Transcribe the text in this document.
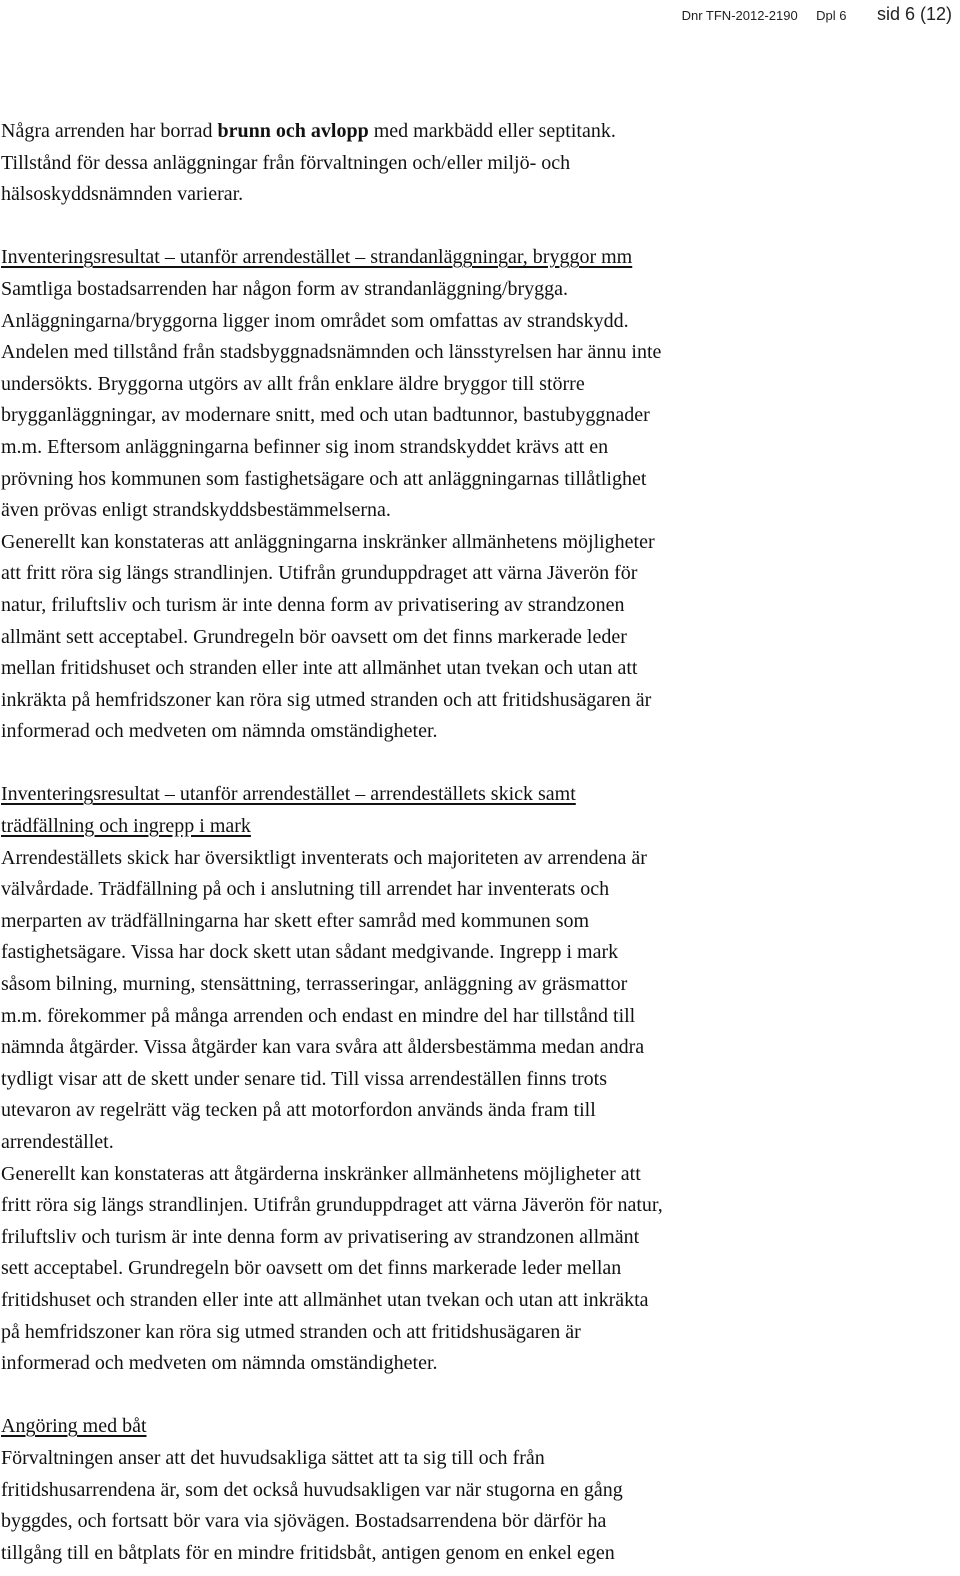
Dnr TFN-2012-2190 Dpl 6 sid 6 (12)

Några arrenden har borrad brunn och avlopp med markbädd eller septitank.

Tillstånd för dessa anläggningar från förvaltningen och/eller miljö- och

hälsoskyddsnämnden varierar.

Inventeringsresultat – utanför arrendestället – strandanläggningar, bryggor mm

Samtliga bostadsarrenden har någon form av strandanläggning/brygga.

Anläggningarna/bryggorna ligger inom området som omfattas av strandskydd.

Andelen med tillstånd från stadsbyggnadsnämnden och länsstyrelsen har ännu inte

undersökts. Bryggorna utgörs av allt från enklare äldre bryggor till större

brygganläggningar, av modernare snitt, med och utan badtunnor, bastubyggnader

m.m. Eftersom anläggningarna befinner sig inom strandskyddet krävs att en

prövning hos kommunen som fastighetsägare och att anläggningarnas tillåtlighet

även prövas enligt strandskyddsbestämmelserna.

Generellt kan konstateras att anläggningarna inskränker allmänhetens möjligheter

att fritt röra sig längs strandlinjen. Utifrån grunduppdraget att värna Jäverön för

natur, friluftsliv och turism är inte denna form av privatisering av strandzonen

allmänt sett acceptabel. Grundregeln bör oavsett om det finns markerade leder

mellan fritidshuset och stranden eller inte att allmänhet utan tvekan och utan att

inkräkta på hemfridszoner kan röra sig utmed stranden och att fritidshusägaren är

informerad och medveten om nämnda omständigheter.

Inventeringsresultat – utanför arrendestället – arrendeställets skick samt

trädfällning och ingrepp i mark

Arrendeställets skick har översiktligt inventerats och majoriteten av arrendena är

välvårdade. Trädfällning på och i anslutning till arrendet har inventerats och

merparten av trädfällningarna har skett efter samråd med kommunen som

fastighetsägare. Vissa har dock skett utan sådant medgivande. Ingrepp i mark

såsom bilning, murning, stensättning, terrasseringar, anläggning av gräsmattor

m.m. förekommer på många arrenden och endast en mindre del har tillstånd till

nämnda åtgärder. Vissa åtgärder kan vara svåra att åldersbestämma medan andra

tydligt visar att de skett under senare tid. Till vissa arrendeställen finns trots

utevaron av regelrätt väg tecken på att motorfordon används ända fram till

arrendestället.

Generellt kan konstateras att åtgärderna inskränker allmänhetens möjligheter att

fritt röra sig längs strandlinjen. Utifrån grunduppdraget att värna Jäverön för natur,

friluftsliv och turism är inte denna form av privatisering av strandzonen allmänt

sett acceptabel. Grundregeln bör oavsett om det finns markerade leder mellan

fritidshuset och stranden eller inte att allmänhet utan tvekan och utan att inkräkta

på hemfridszoner kan röra sig utmed stranden och att fritidshusägaren är

informerad och medveten om nämnda omständigheter.

Angöring med båt

Förvaltningen anser att det huvudsakliga sättet att ta sig till och från

fritidshusarrendena är, som det också huvudsakligen var när stugorna en gång

byggdes, och fortsatt bör vara via sjövägen. Bostadsarrendena bör därför ha

tillgång till en båtplats för en mindre fritidsbåt, antigen genom en enkel egen
